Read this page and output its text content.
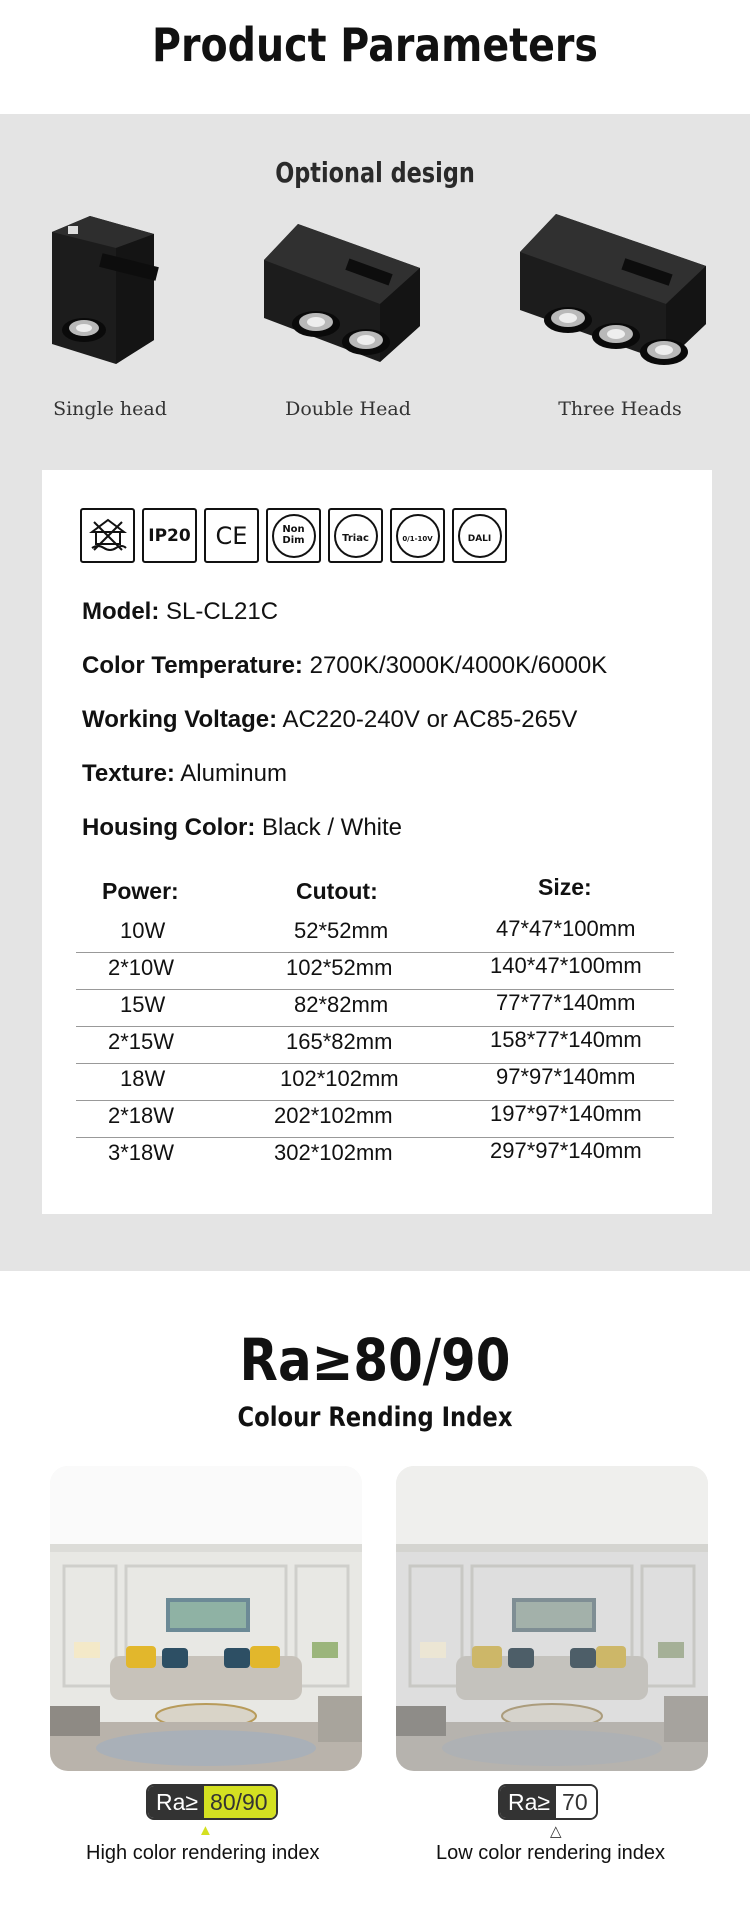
Product Parameters
Optional design
Single head	Double Head	Three Heads
IP20 CE	Non Dim	Triac	0/1-10V	DALI
Model: SL-CL21C
Color Temperature: 2700K/3000K/4000K/6000K
Working Voltage: AC220-240V or AC85-265V
Texture: Aluminum
Housing Color: Black / White
Power:	Cutout:	Size:
10W	52*52mm	47*47*100mm
2*10W	102*52mm	140*47*100mm
15W	82*82mm	77*77*140mm
2*15W	165*82mm	158*77*140mm
18W	102*102mm	97*97*140mm
2*18W	202*102mm	197*97*140mm
3*18W	302*102mm	297*97*140mm
Ra≥80/90
Colour Rending Index
Ra≥ 80/90
▲
High color rendering index
Ra≥ 70
△
Low color rendering index
